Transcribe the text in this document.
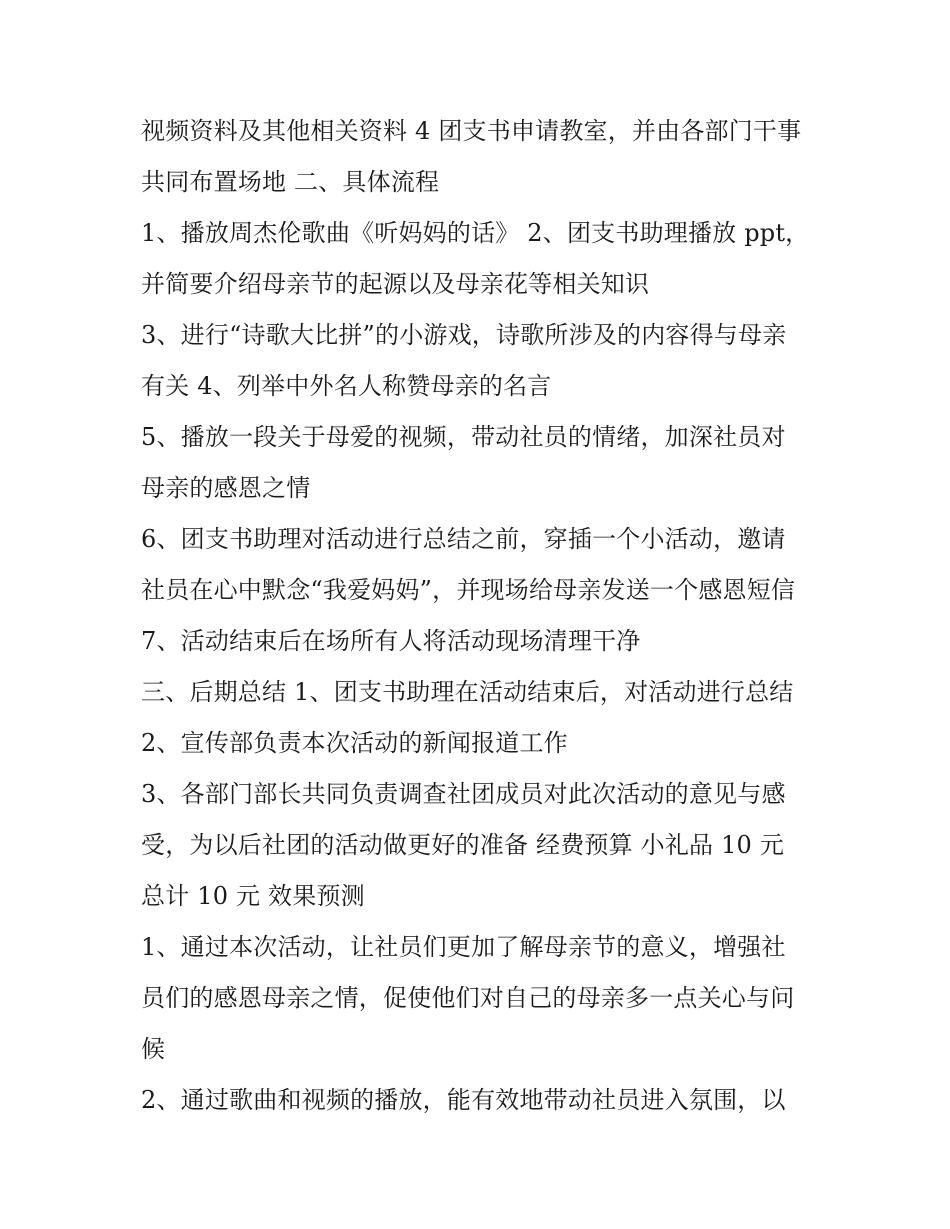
视频资料及其他相关资料 4 团支书申请教室，并由各部门干事

共同布置场地 二、具体流程

1、播放周杰伦歌曲《听妈妈的话》 2、团支书助理播放 ppt，

并简要介绍母亲节的起源以及母亲花等相关知识

3、进行“诗歌大比拼”的小游戏，诗歌所涉及的内容得与母亲

有关 4、列举中外名人称赞母亲的名言

5、播放一段关于母爱的视频，带动社员的情绪，加深社员对

母亲的感恩之情

6、团支书助理对活动进行总结之前，穿插一个小活动，邀请

社员在心中默念“我爱妈妈”，并现场给母亲发送一个感恩短信

7、活动结束后在场所有人将活动现场清理干净

三、后期总结 1、团支书助理在活动结束后，对活动进行总结

2、宣传部负责本次活动的新闻报道工作

3、各部门部长共同负责调查社团成员对此次活动的意见与感

受，为以后社团的活动做更好的准备 经费预算 小礼品 10 元

总计 10 元 效果预测

1、通过本次活动，让社员们更加了解母亲节的意义，增强社

员们的感恩母亲之情，促使他们对自己的母亲多一点关心与问

候

2、通过歌曲和视频的播放，能有效地带动社员进入氛围，以
